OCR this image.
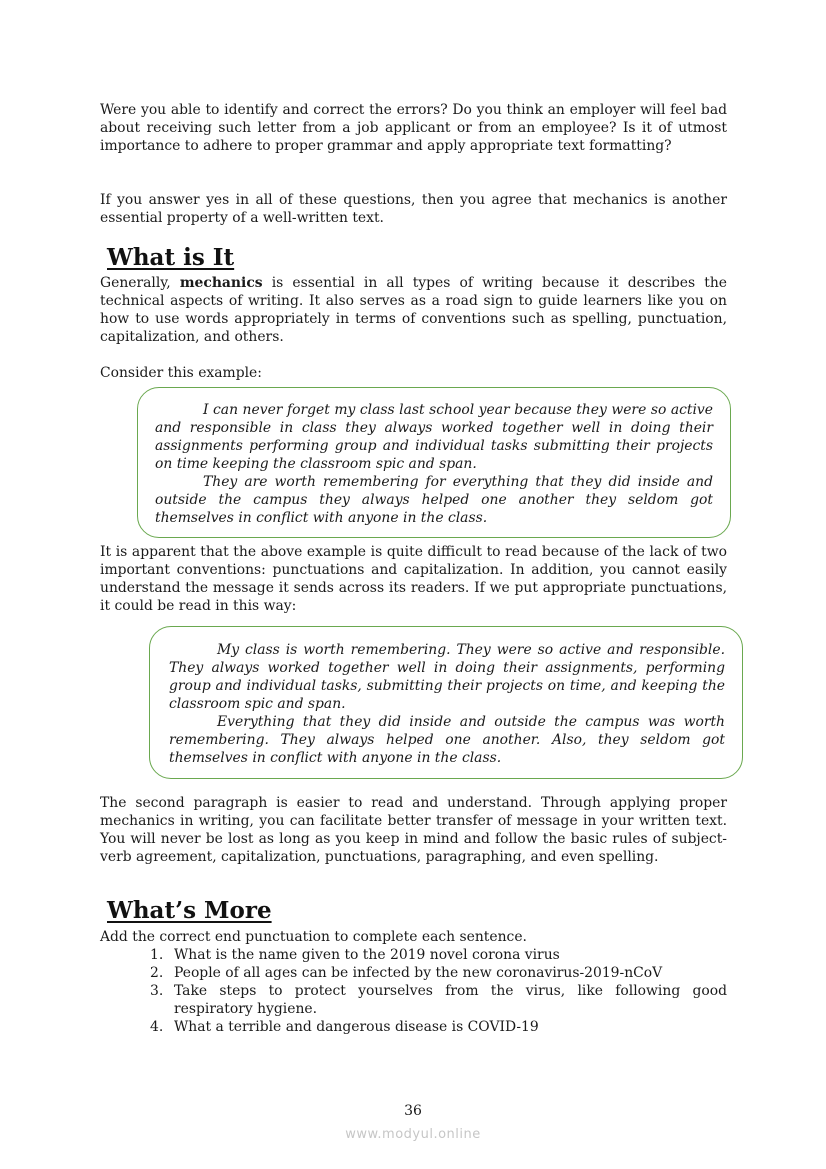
Were you able to identify and correct the errors? Do you think an employer will feel bad about receiving such letter from a job applicant or from an employee? Is it of utmost importance to adhere to proper grammar and apply appropriate text formatting?

If you answer yes in all of these questions, then you agree that mechanics is another essential property of a well-written text.

What is It

Generally, mechanics is essential in all types of writing because it describes the technical aspects of writing. It also serves as a road sign to guide learners like you on how to use words appropriately in terms of conventions such as spelling, punctuation, capitalization, and others.

Consider this example:

I can never forget my class last school year because they were so active and responsible in class they always worked together well in doing their assignments performing group and individual tasks submitting their projects on time keeping the classroom spic and span.

They are worth remembering for everything that they did inside and outside the campus they always helped one another they seldom got themselves in conflict with anyone in the class.

It is apparent that the above example is quite difficult to read because of the lack of two important conventions: punctuations and capitalization. In addition, you cannot easily understand the message it sends across its readers. If we put appropriate punctuations, it could be read in this way:

My class is worth remembering. They were so active and responsible. They always worked together well in doing their assignments, performing group and individual tasks, submitting their projects on time, and keeping the classroom spic and span.

Everything that they did inside and outside the campus was worth remembering. They always helped one another. Also, they seldom got themselves in conflict with anyone in the class.

The second paragraph is easier to read and understand. Through applying proper mechanics in writing, you can facilitate better transfer of message in your written text. You will never be lost as long as you keep in mind and follow the basic rules of subject-verb agreement, capitalization, punctuations, paragraphing, and even spelling.

What’s More

Add the correct end punctuation to complete each sentence.

1. What is the name given to the 2019 novel corona virus
2. People of all ages can be infected by the new coronavirus-2019-nCoV
3. Take steps to protect yourselves from the virus, like following good respiratory hygiene.
4. What a terrible and dangerous disease is COVID-19
36
www.modyul.online
